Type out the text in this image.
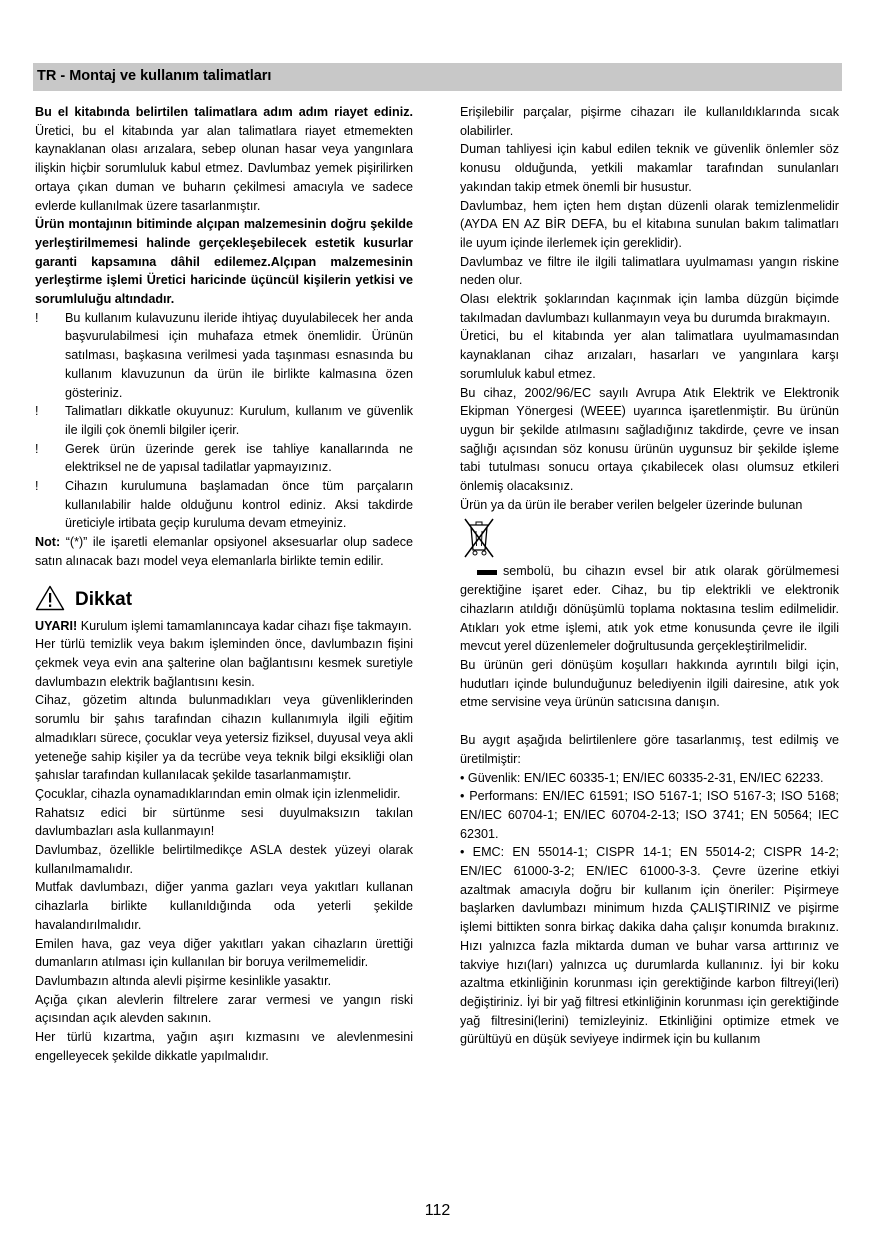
TR - Montaj ve kullanım talimatları

Bu el kitabında belirtilen talimatlara adım adım riayet ediniz. Üretici, bu el kitabında yar alan talimatlara riayet etmemekten kaynaklanan olası arızalara, sebep olunan hasar veya yangınlara ilişkin hiçbir sorumluluk kabul etmez. Davlumbaz yemek pişirilirken ortaya çıkan duman ve buharın çekilmesi amacıyla ve sadece evlerde kullanılmak üzere tasarlanmıştır.

Ürün montajının bitiminde alçıpan malzemesinin doğru şekilde yerleştirilmemesi halinde gerçekleşebilecek estetik kusurlar garanti kapsamına dâhil edilemez.Alçıpan malzemesinin yerleştirme işlemi Üretici haricinde üçüncül kişilerin yetkisi ve sorumluluğu altındadır.

! Bu kullanım kulavuzunu ileride ihtiyaç duyulabilecek her anda başvurulabilmesi için muhafaza etmek önemlidir. Ürünün satılması, başkasına verilmesi yada taşınması esnasında bu kullanım klavuzunun da ürün ile birlikte kalmasına özen gösteriniz.
! Talimatları dikkatle okuyunuz: Kurulum, kullanım ve güvenlik ile ilgili çok önemli bilgiler içerir.
! Gerek ürün üzerinde gerek ise tahliye kanallarında ne elektriksel ne de yapısal tadilatlar yapmayızınız.
! Cihazın kurulumuna başlamadan önce tüm parçaların kullanılabilir halde olduğunu kontrol ediniz. Aksi takdirde üreticiyle irtibata geçip kuruluma devam etmeyiniz.

Not: “(*)” ile işaretli elemanlar opsiyonel aksesuarlar olup sadece satın alınacak bazı model veya elemanlarla birlikte temin edilir.

Dikkat

UYARI! Kurulum işlemi tamamlanıncaya kadar cihazı fişe takmayın.

Her türlü temizlik veya bakım işleminden önce, davlumbazın fişini çekmek veya evin ana şalterine olan bağlantısını kesmek suretiyle davlumbazın elektrik bağlantısını kesin.

Cihaz, gözetim altında bulunmadıkları veya güvenliklerinden sorumlu bir şahıs tarafından cihazın kullanımıyla ilgili eğitim almadıkları sürece, çocuklar veya yetersiz fiziksel, duyusal veya akli yeteneğe sahip kişiler ya da tecrübe veya teknik bilgi eksikliği olan şahıslar tarafından kullanılacak şekilde tasarlanmamıştır.

Çocuklar, cihazla oynamadıklarından emin olmak için izlenmelidir.

Rahatsız edici bir sürtünme sesi duyulmaksızın takılan davlumbazları asla kullanmayın!

Davlumbaz, özellikle belirtilmedikçe ASLA destek yüzeyi olarak kullanılmamalıdır.

Mutfak davlumbazı, diğer yanma gazları veya yakıtları kullanan cihazlarla birlikte kullanıldığında oda yeterli şekilde havalandırılmalıdır.

Emilen hava, gaz veya diğer yakıtları yakan cihazların ürettiği dumanların atılması için kullanılan bir boruya verilmemelidir.

Davlumbazın altında alevli pişirme kesinlikle yasaktır.

Açığa çıkan alevlerin filtrelere zarar vermesi ve yangın riski açısından açık alevden sakının.

Her türlü kızartma, yağın aşırı kızmasını ve alevlenmesini engelleyecek şekilde dikkatle yapılmalıdır.

Erişilebilir parçalar, pişirme cihazarı ile kullanıldıklarında sıcak olabilirler.

Duman tahliyesi için kabul edilen teknik ve güvenlik önlemler söz konusu olduğunda, yetkili makamlar tarafından sunulanları yakından takip etmek önemli bir husustur.

Davlumbaz, hem içten hem dıştan düzenli olarak temizlenmelidir (AYDA EN AZ BİR DEFA, bu el kitabına sunulan bakım talimatları ile uyum içinde ilerlemek için gereklidir).

Davlumbaz ve filtre ile ilgili talimatlara uyulmaması yangın riskine neden olur.

Olası elektrik şoklarından kaçınmak için lamba düzgün biçimde takılmadan davlumbazı kullanmayın veya bu durumda bırakmayın.

Üretici, bu el kitabında yer alan talimatlara uyulmamasından kaynaklanan cihaz arızaları, hasarları ve yangınlara karşı sorumluluk kabul etmez.

Bu cihaz, 2002/96/EC sayılı Avrupa Atık Elektrik ve Elektronik Ekipman Yönergesi (WEEE) uyarınca işaretlenmiştir. Bu ürünün uygun bir şekilde atılmasını sağladığınız takdirde, çevre ve insan sağlığı açısından söz konusu ürünün uygunsuz bir şekilde işleme tabi tutulması sonucu ortaya çıkabilecek olası olumsuz etkileri önlemiş olacaksınız.

Ürün ya da ürün ile beraber verilen belgeler üzerinde bulunan

sembolü, bu cihazın evsel bir atık olarak görülmemesi gerektiğine işaret eder. Cihaz, bu tip elektrikli ve elektronik cihazların atıldığı dönüşümlü toplama noktasına teslim edilmelidir. Atıkları yok etme işlemi, atık yok etme konusunda çevre ile ilgili mevcut yerel düzenlemeler doğrultusunda gerçekleştirilmelidir.

Bu ürünün geri dönüşüm koşulları hakkında ayrıntılı bilgi için, hudutları içinde bulunduğunuz belediyenin ilgili dairesine, atık yok etme servisine veya ürünün satıcısına danışın.

Bu aygıt aşağıda belirtilenlere göre tasarlanmış, test edilmiş ve üretilmiştir:

• Güvenlik: EN/IEC 60335-1; EN/IEC 60335-2-31, EN/IEC 62233.

• Performans: EN/IEC 61591; ISO 5167-1; ISO 5167-3; ISO 5168; EN/IEC 60704-1; EN/IEC 60704-2-13; ISO 3741; EN 50564; IEC 62301.

• EMC: EN 55014-1; CISPR 14-1; EN 55014-2; CISPR 14-2; EN/IEC 61000-3-2; EN/IEC 61000-3-3. Çevre üzerine etkiyi azaltmak amacıyla doğru bir kullanım için öneriler: Pişirmeye başlarken davlumbazı minimum hızda ÇALIŞTIRINIZ ve pişirme işlemi bittikten sonra birkaç dakika daha çalışır konumda bırakınız. Hızı yalnızca fazla miktarda duman ve buhar varsa arttırınız ve takviye hızı(ları) yalnızca uç durumlarda kullanınız. İyi bir koku azaltma etkinliğinin korunması için gerektiğinde karbon filtreyi(leri) değiştiriniz. İyi bir yağ filtresi etkinliğinin korunması için gerektiğinde yağ filtresini(lerini) temizleyiniz. Etkinliğini optimize etmek ve gürültüyü en düşük seviyeye indirmek için bu kullanım

112
